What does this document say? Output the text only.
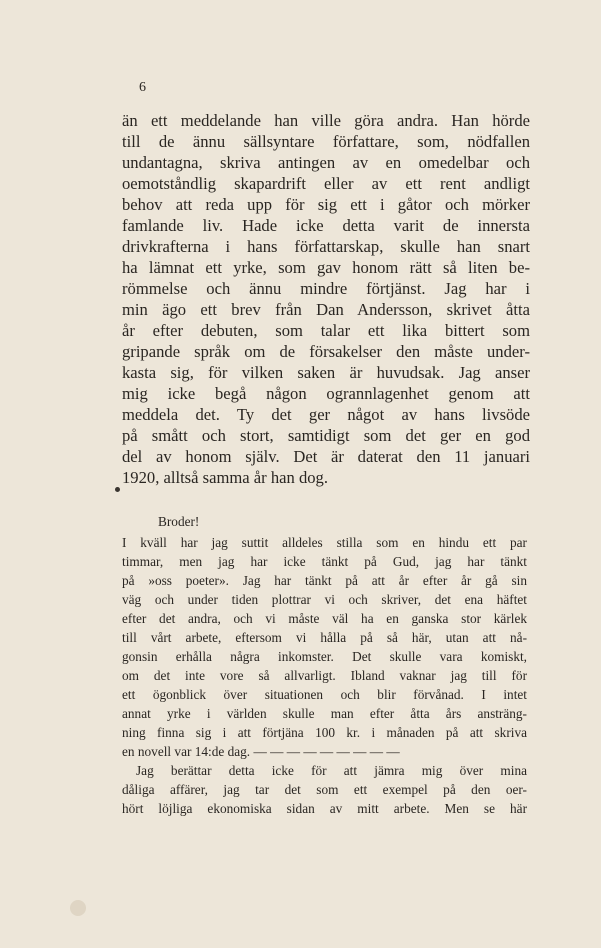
6
än ett meddelande han ville göra andra. Han hörde
till de ännu sällsyntare författare, som, nödfallen
undantagna, skriva antingen av en omedelbar och
oemotståndlig skapardrift eller av ett rent andligt
behov att reda upp för sig ett i gåtor och mörker
famlande liv. Hade icke detta varit de innersta
drivkrafterna i hans författarskap, skulle han snart
ha lämnat ett yrke, som gav honom rätt så liten be-
römmelse och ännu mindre förtjänst. Jag har i
min ägo ett brev från Dan Andersson, skrivet åtta
år efter debuten, som talar ett lika bittert som
gripande språk om de försakelser den måste under-
kasta sig, för vilken saken är huvudsak. Jag anser
mig icke begå någon ogrannlagenhet genom att
meddela det. Ty det ger något av hans livsöde
på smått och stort, samtidigt som det ger en god
del av honom själv. Det är daterat den 11 januari
1920, alltså samma år han dog.
Broder!
I kväll har jag suttit alldeles stilla som en hindu ett par
timmar, men jag har icke tänkt på Gud, jag har tänkt
på »oss poeter». Jag har tänkt på att år efter år gå sin
väg och under tiden plottrar vi och skriver, det ena häftet
efter det andra, och vi måste väl ha en ganska stor kärlek
till vårt arbete, eftersom vi hålla på så här, utan att nå-
gonsin erhålla några inkomster. Det skulle vara komiskt,
om det inte vore så allvarligt. Ibland vaknar jag till för
ett ögonblick över situationen och blir förvånad. I intet
annat yrke i världen skulle man efter åtta års ansträng-
ning finna sig i att förtjäna 100 kr. i månaden på att skriva
en novell var 14:de dag. — — — — — — — — —
Jag berättar detta icke för att jämra mig över mina
dåliga affärer, jag tar det som ett exempel på den oer-
hört löjliga ekonomiska sidan av mitt arbete. Men se här
